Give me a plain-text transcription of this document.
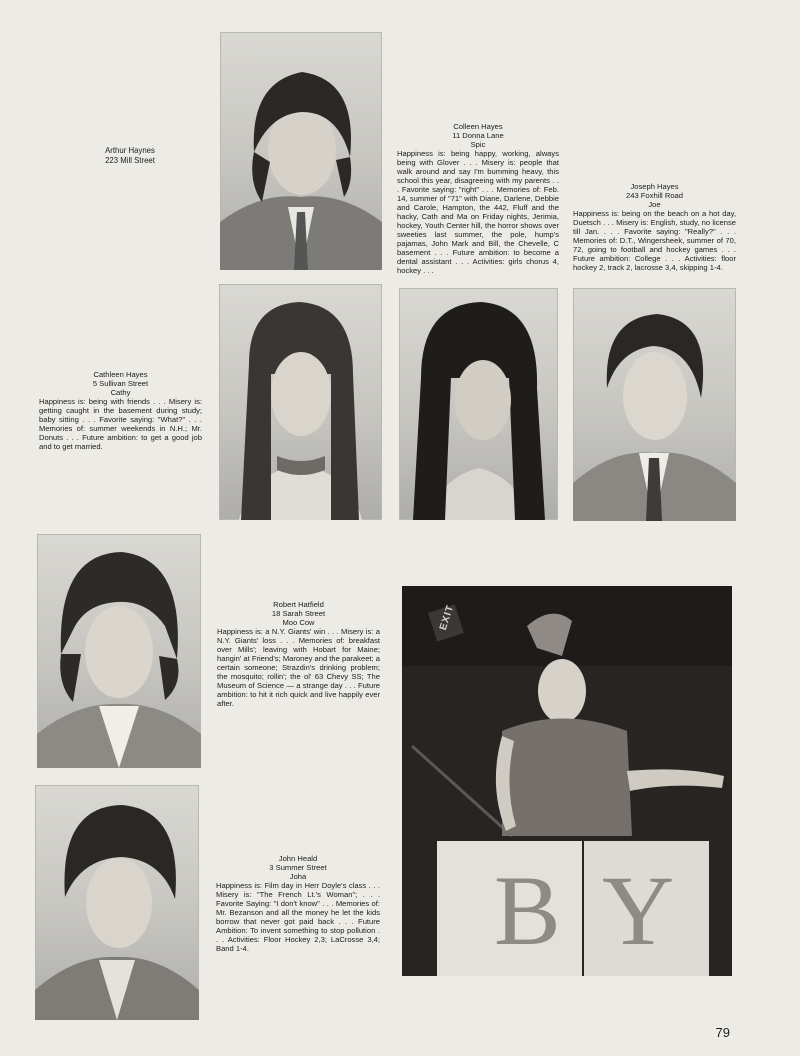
EXIT
B Y
Arthur Haynes
223 Mill Street
Colleen Hayes
11 Donna Lane
Spic
Happiness is: being happy, working, always being with Glover . . . Misery is: people that walk around and say I'm bumming heavy, this school this year, disagreeing with my parents . . . Favorite saying: "right" . . . Memories of: Feb. 14, summer of "71" with Diane, Darlene, Debbie and Carole, Hampton, the 442, Fluff and the hacky, Cath and Ma on Friday nights, Jerimia, hockey, Youth Center hill, the horror shows over sweeties last summer, the pole, hump's pajamas, John Mark and Bill, the Chevelle, C basement . . . Future ambition: to become a dental assistant . . . Activities: girls chorus 4, hockey . . .
Joseph Hayes
243 Foxhill Road
Joe
Happiness is: being on the beach on a hot day, Duetsch . . . Misery is: English, study, no license till Jan. . . . Favorite saying: "Really?" . . . Memories of: D.T., Wingersheek, summer of 70, 72, going to football and hockey games . . . Future ambition: College . . . Activities: floor hockey 2, track 2, lacrosse 3,4, skipping 1-4.
Cathleen Hayes
5 Sullivan Street
Cathy
Happiness is: being with friends . . . Misery is: getting caught in the basement during study; baby sitting . . . Favorite saying: "What?" . . . Memories of: summer weekends in N.H.; Mr. Donuts . . . Future ambition: to get a good job and to get married.
Robert Hatfield
18 Sarah Street
Moo Cow
Happiness is: a N.Y. Giants' win . . . Misery is: a N.Y. Giants' loss . . . Memories of: breakfast over Mills'; leaving with Hobart for Maine; hangin' at Friend's; Maroney and the parakeet; a certain someone; Strazdin's drinking problem; the mosquito; rollin'; the ol' 63 Chevy SS; The Museum of Science — a strange day . . . Future ambition: to hit it rich quick and live happily ever after.
John Heald
3 Summer Street
Joha
Happiness is: Film day in Herr Doyle's class . . . Misery is: "The French Lt.'s Woman"; . . . Favorite Saying: "I don't know" . . . Memories of: Mr. Bezanson and all the money he let the kids borrow that never got paid back . . . Future Ambition: To invent something to stop pollution . . . Activities: Floor Hockey 2,3; LaCrosse 3,4; Band 1-4.
79
